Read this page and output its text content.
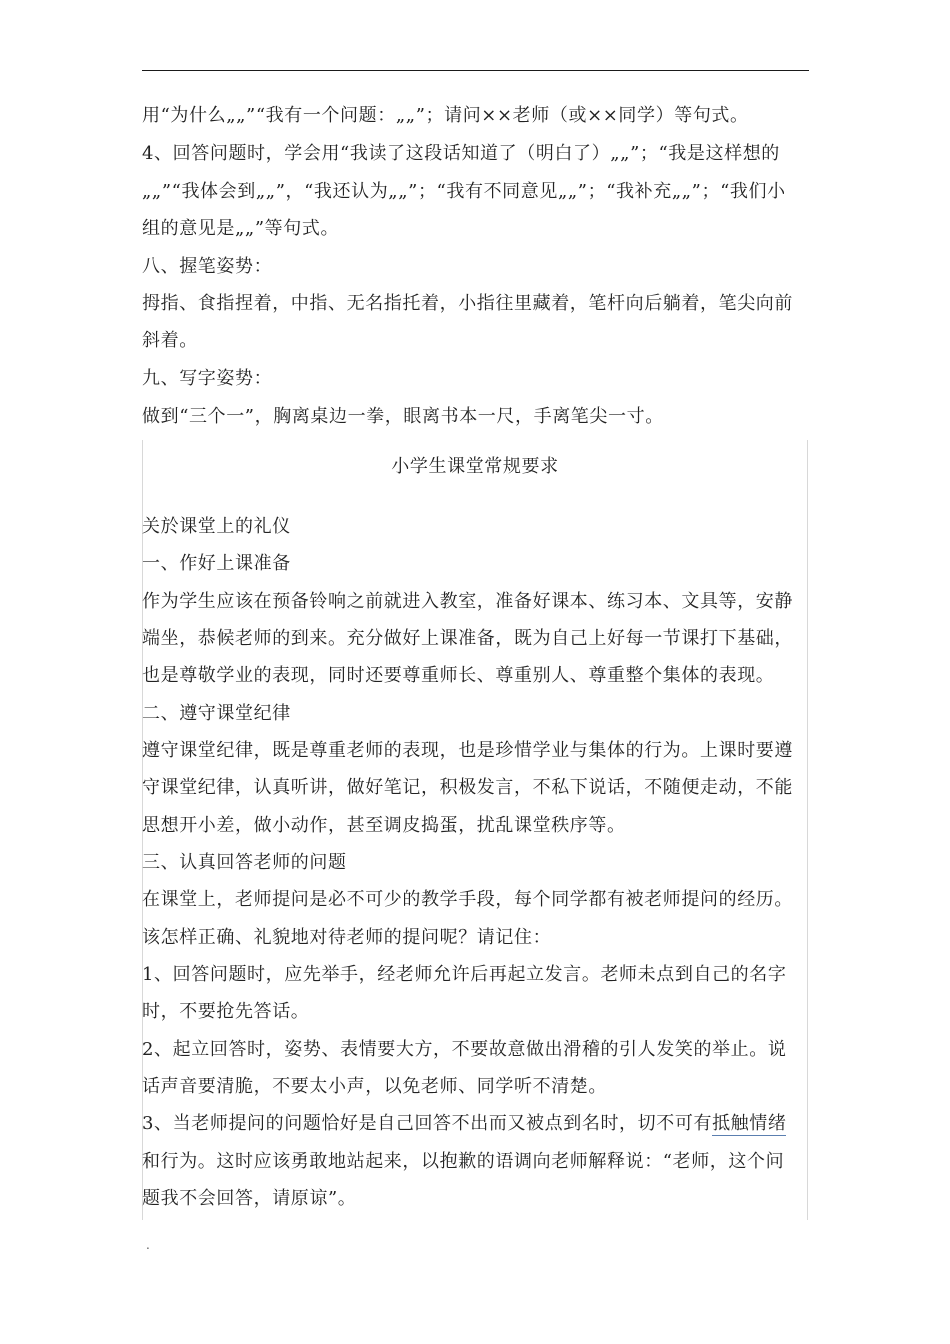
用“为什么„„”“我有一个问题：„„”；请问××老师（或××同学）等句式。
4、回答问题时，学会用“我读了这段话知道了（明白了）„„”；“我是这样想的
„„”“我体会到„„”，“我还认为„„”；“我有不同意见„„”；“我补充„„”；“我们小
组的意见是„„”等句式。
八、握笔姿势：
拇指、食指捏着，中指、无名指托着，小指往里藏着，笔杆向后躺着，笔尖向前
斜着。
九、写字姿势：
做到“三个一”，胸离桌边一拳，眼离书本一尺，手离笔尖一寸。
小学生课堂常规要求
关於课堂上的礼仪
一、作好上课准备
作为学生应该在预备铃响之前就进入教室，准备好课本、练习本、文具等，安静
端坐，恭候老师的到来。充分做好上课准备，既为自己上好每一节课打下基础，
也是尊敬学业的表现，同时还要尊重师长、尊重别人、尊重整个集体的表现。
二、遵守课堂纪律
遵守课堂纪律，既是尊重老师的表现，也是珍惜学业与集体的行为。上课时要遵
守课堂纪律，认真听讲，做好笔记，积极发言，不私下说话，不随便走动，不能
思想开小差，做小动作，甚至调皮捣蛋，扰乱课堂秩序等。
三、认真回答老师的问题
在课堂上，老师提问是必不可少的教学手段，每个同学都有被老师提问的经历。
该怎样正确、礼貌地对待老师的提问呢？请记住：
1、回答问题时，应先举手，经老师允许后再起立发言。老师未点到自己的名字
时，不要抢先答话。
2、起立回答时，姿势、表情要大方，不要故意做出滑稽的引人发笑的举止。说
话声音要清脆，不要太小声，以免老师、同学听不清楚。
3、当老师提问的问题恰好是自己回答不出而又被点到名时，切不可有抵触情绪
和行为。这时应该勇敢地站起来，以抱歉的语调向老师解释说：“老师，这个问
题我不会回答，请原谅”。
.
